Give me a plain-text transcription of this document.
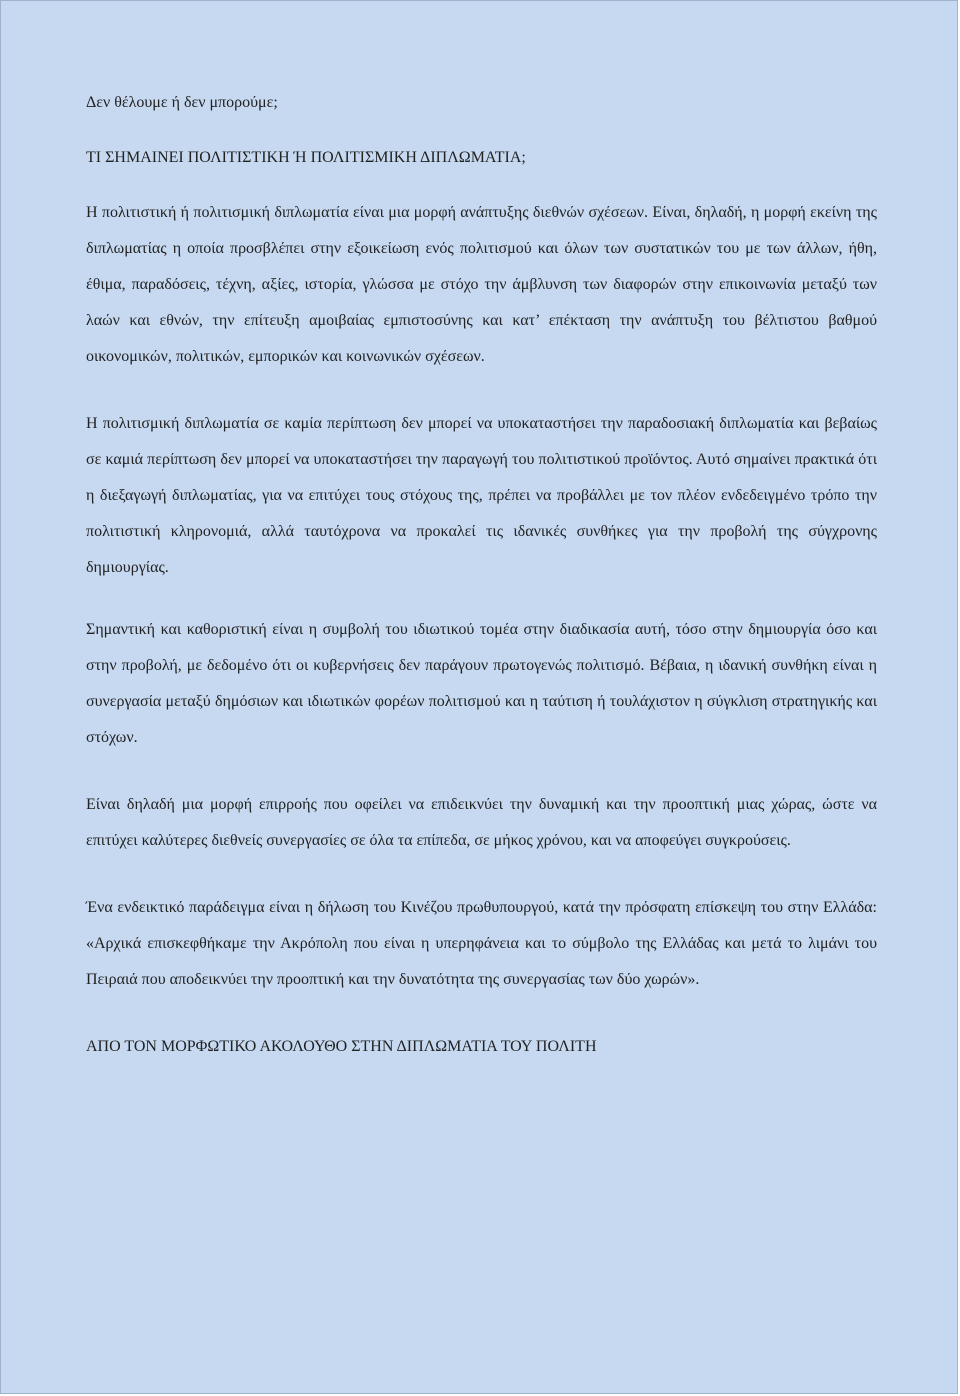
Δεν θέλουμε ή δεν μπορούμε;

ΤΙ ΣΗΜΑΙΝΕΙ ΠΟΛΙΤΙΣΤΙΚΗ Ή ΠΟΛΙΤΙΣΜΙΚΗ ΔΙΠΛΩΜΑΤΙΑ;

Η πολιτιστική ή πολιτισμική διπλωματία είναι μια μορφή ανάπτυξης διεθνών σχέσεων. Είναι, δηλαδή, η μορφή εκείνη της διπλωματίας η οποία προσβλέπει στην εξοικείωση ενός πολιτισμού και όλων των συστατικών του με των άλλων, ήθη, έθιμα, παραδόσεις, τέχνη, αξίες, ιστορία, γλώσσα με στόχο την άμβλυνση των διαφορών στην επικοινωνία μεταξύ των λαών και εθνών, την επίτευξη αμοιβαίας εμπιστοσύνης και κατ’ επέκταση την ανάπτυξη του βέλτιστου βαθμού οικονομικών, πολιτικών, εμπορικών και κοινωνικών σχέσεων.

Η πολιτισμική διπλωματία σε καμία περίπτωση δεν μπορεί να υποκαταστήσει την παραδοσιακή διπλωματία και βεβαίως σε καμιά περίπτωση δεν μπορεί να υποκαταστήσει την παραγωγή του πολιτιστικού προϊόντος. Αυτό σημαίνει πρακτικά ότι η διεξαγωγή διπλωματίας, για να επιτύχει τους στόχους της, πρέπει να προβάλλει με τον πλέον ενδεδειγμένο τρόπο την πολιτιστική κληρονομιά, αλλά ταυτόχρονα να προκαλεί τις ιδανικές συνθήκες για την προβολή της σύγχρονης δημιουργίας.

Σημαντική και καθοριστική είναι η συμβολή του ιδιωτικού τομέα στην διαδικασία αυτή, τόσο στην δημιουργία όσο και στην προβολή, με δεδομένο ότι οι κυβερνήσεις δεν παράγουν πρωτογενώς πολιτισμό. Βέβαια, η ιδανική συνθήκη είναι η συνεργασία μεταξύ δημόσιων και ιδιωτικών φορέων πολιτισμού και η ταύτιση ή τουλάχιστον η σύγκλιση στρατηγικής και στόχων.

Είναι δηλαδή μια μορφή επιρροής που οφείλει να επιδεικνύει την δυναμική και την προοπτική μιας χώρας, ώστε να επιτύχει καλύτερες διεθνείς συνεργασίες σε όλα τα επίπεδα, σε μήκος χρόνου, και να αποφεύγει συγκρούσεις.

Ένα ενδεικτικό παράδειγμα είναι η δήλωση του Κινέζου πρωθυπουργού, κατά την πρόσφατη επίσκεψη του στην Ελλάδα: «Αρχικά επισκεφθήκαμε την Ακρόπολη που είναι η υπερηφάνεια και το σύμβολο της Ελλάδας και μετά το λιμάνι του Πειραιά που αποδεικνύει την προοπτική και την δυνατότητα της συνεργασίας των δύο χωρών».

ΑΠΟ ΤΟΝ ΜΟΡΦΩΤΙΚΟ ΑΚΟΛΟΥΘΟ ΣΤΗΝ ΔΙΠΛΩΜΑΤΙΑ ΤΟΥ ΠΟΛΙΤΗ
